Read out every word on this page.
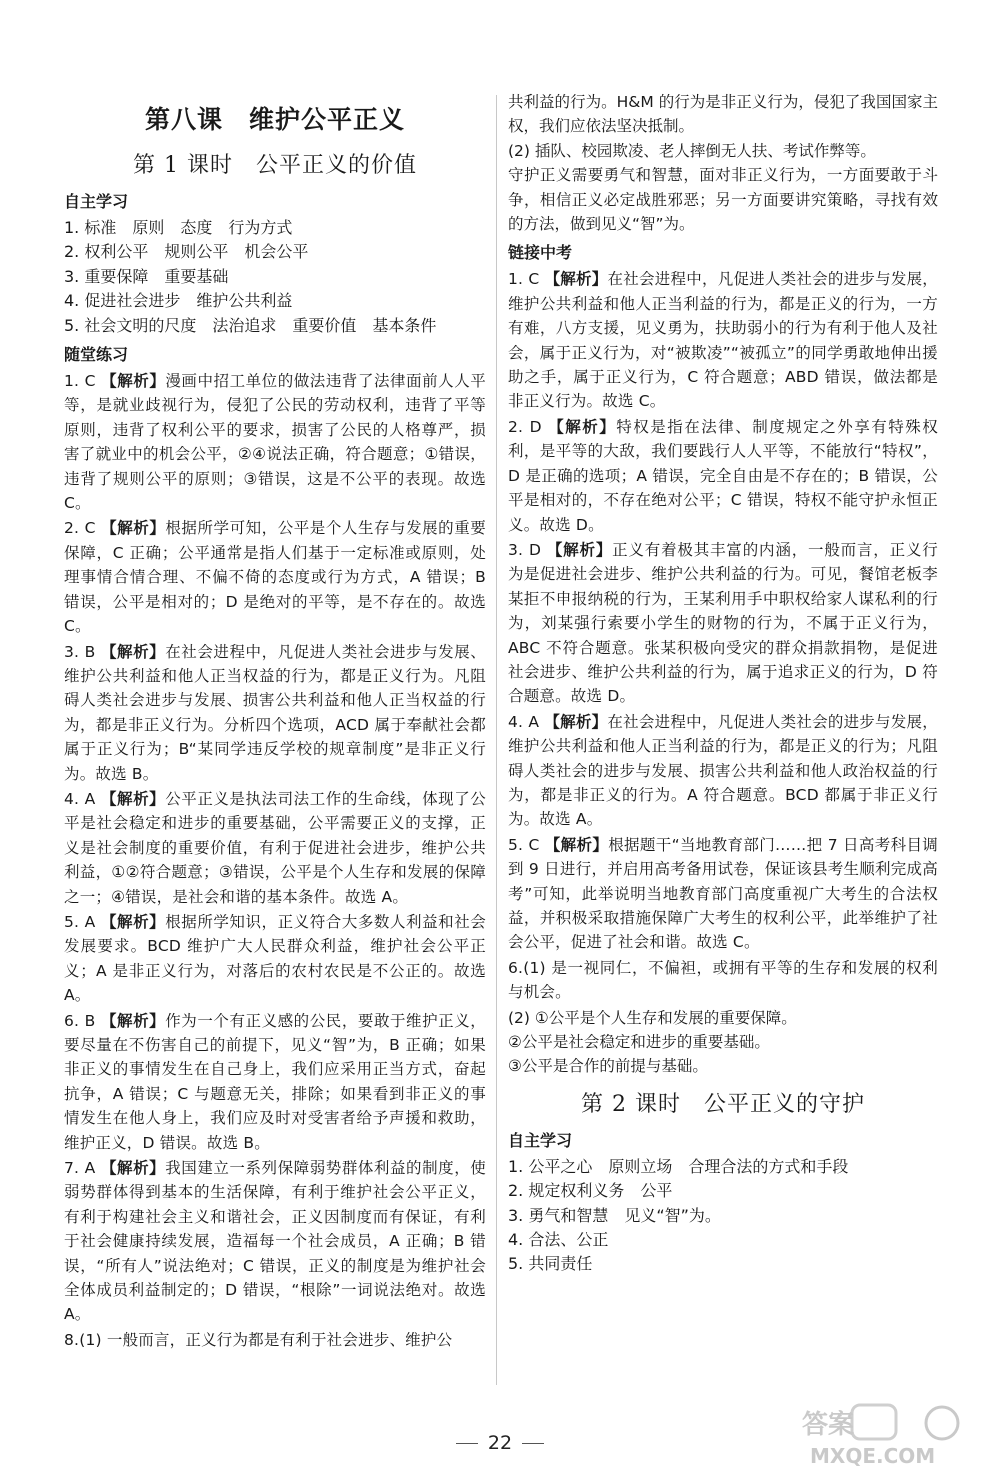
第八课　维护公平正义
第 1 课时　公平正义的价值
自主学习

1. 标准　原则　态度　行为方式

2. 权利公平　规则公平　机会公平

3. 重要保障　重要基础

4. 促进社会进步　维护公共利益

5. 社会文明的尺度　法治追求　重要价值　基本条件

随堂练习

1. C 【解析】漫画中招工单位的做法违背了法律面前人人平等，是就业歧视行为，侵犯了公民的劳动权利，违背了平等原则，违背了权利公平的要求，损害了公民的人格尊严，损害了就业中的机会公平，②④说法正确，符合题意；①错误，违背了规则公平的原则；③错误，这是不公平的表现。故选 C。

2. C 【解析】根据所学可知，公平是个人生存与发展的重要保障，C 正确；公平通常是指人们基于一定标准或原则，处理事情合情合理、不偏不倚的态度或行为方式，A 错误；B 错误，公平是相对的；D 是绝对的平等，是不存在的。故选 C。

3. B 【解析】在社会进程中，凡促进人类社会进步与发展、维护公共利益和他人正当权益的行为，都是正义行为。凡阻碍人类社会进步与发展、损害公共利益和他人正当权益的行为，都是非正义行为。分析四个选项，ACD 属于奉献社会都属于正义行为；B“某同学违反学校的规章制度”是非正义行为。故选 B。

4. A 【解析】公平正义是执法司法工作的生命线，体现了公平是社会稳定和进步的重要基础，公平需要正义的支撑，正义是社会制度的重要价值，有利于促进社会进步，维护公共利益，①②符合题意；③错误，公平是个人生存和发展的保障之一；④错误，是社会和谐的基本条件。故选 A。

5. A 【解析】根据所学知识，正义符合大多数人利益和社会发展要求。BCD 维护广大人民群众利益，维护社会公平正义；A 是非正义行为，对落后的农村农民是不公正的。故选 A。

6. B 【解析】作为一个有正义感的公民，要敢于维护正义，要尽量在不伤害自己的前提下，见义“智”为，B 正确；如果非正义的事情发生在自己身上，我们应采用正当方式，奋起抗争，A 错误；C 与题意无关，排除；如果看到非正义的事情发生在他人身上，我们应及时对受害者给予声援和救助，维护正义，D 错误。故选 B。

7. A 【解析】我国建立一系列保障弱势群体利益的制度，使弱势群体得到基本的生活保障，有利于维护社会公平正义，有利于构建社会主义和谐社会，正义因制度而有保证，有利于社会健康持续发展，造福每一个社会成员，A 正确；B 错误，“所有人”说法绝对；C 错误，正义的制度是为维护社会全体成员利益制定的；D 错误，“根除”一词说法绝对。故选 A。

8.(1) 一般而言，正义行为都是有利于社会进步、维护公

共利益的行为。H&M 的行为是非正义行为，侵犯了我国国家主权，我们应依法坚决抵制。

(2) 插队、校园欺凌、老人摔倒无人扶、考试作弊等。

守护正义需要勇气和智慧，面对非正义行为，一方面要敢于斗争，相信正义必定战胜邪恶；另一方面要讲究策略，寻找有效的方法，做到见义“智”为。

链接中考

1. C 【解析】在社会进程中，凡促进人类社会的进步与发展，维护公共利益和他人正当利益的行为，都是正义的行为，一方有难，八方支援，见义勇为，扶助弱小的行为有利于他人及社会，属于正义行为，对“被欺凌”“被孤立”的同学勇敢地伸出援助之手，属于正义行为，C 符合题意；ABD 错误，做法都是非正义行为。故选 C。

2. D 【解析】特权是指在法律、制度规定之外享有特殊权利，是平等的大敌，我们要践行人人平等，不能放行“特权”，D 是正确的选项；A 错误，完全自由是不存在的；B 错误，公平是相对的，不存在绝对公平；C 错误，特权不能守护永恒正义。故选 D。

3. D 【解析】正义有着极其丰富的内涵，一般而言，正义行为是促进社会进步、维护公共利益的行为。可见，餐馆老板李某拒不申报纳税的行为，王某利用手中职权给家人谋私利的行为，刘某强行索要小学生的财物的行为，不属于正义行为，ABC 不符合题意。张某积极向受灾的群众捐款捐物，是促进社会进步、维护公共利益的行为，属于追求正义的行为，D 符合题意。故选 D。

4. A 【解析】在社会进程中，凡促进人类社会的进步与发展，维护公共利益和他人正当利益的行为，都是正义的行为；凡阻碍人类社会的进步与发展、损害公共利益和他人政治权益的行为，都是非正义的行为。A 符合题意。BCD 都属于非正义行为。故选 A。

5. C 【解析】根据题干“当地教育部门……把 7 日高考科目调到 9 日进行，并启用高考备用试卷，保证该县考生顺利完成高考”可知，此举说明当地教育部门高度重视广大考生的合法权益，并积极采取措施保障广大考生的权利公平，此举维护了社会公平，促进了社会和谐。故选 C。

6.(1) 是一视同仁，不偏袒，或拥有平等的生存和发展的权利与机会。

(2) ①公平是个人生存和发展的重要保障。

②公平是社会稳定和进步的重要基础。

③公平是合作的前提与基础。

第 2 课时　公平正义的守护
自主学习

1. 公平之心　原则立场　合理合法的方式和手段

2. 规定权利义务　公平

3. 勇气和智慧　见义“智”为。

4. 合法、公正

5. 共同责任

22
答案
MXQE.COM
